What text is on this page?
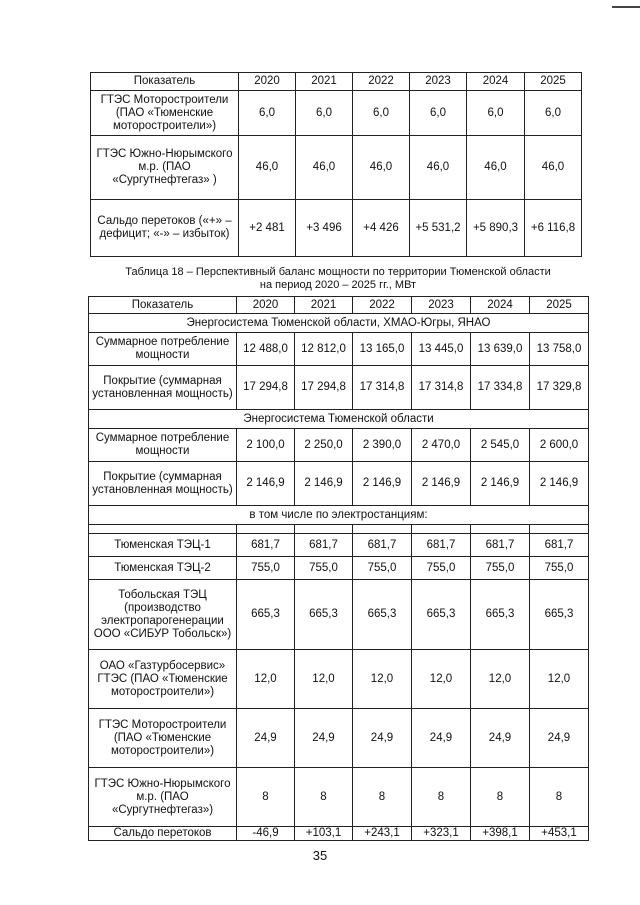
Показатель	2020	2021	2022	2023	2024	2025
ГТЭС Моторостроители (ПАО «Тюменские моторостроители»)	6,0	6,0	6,0	6,0	6,0	6,0
ГТЭС Южно-Нюрымского м.р. (ПАО «Сургутнефтегаз» )	46,0	46,0	46,0	46,0	46,0	46,0
Сальдо перетоков («+» – дефицит; «-» – избыток)	+2 481	+3 496	+4 426	+5 531,2	+5 890,3	+6 116,8
Таблица 18 – Перспективный баланс мощности по территории Тюменской области на период 2020 – 2025 гг., МВт
Показатель	2020	2021	2022	2023	2024	2025
Энергосистема Тюменской области, ХМАО-Югры, ЯНАО						
Суммарное потребление мощности	12 488,0	12 812,0	13 165,0	13 445,0	13 639,0	13 758,0
Покрытие (суммарная установленная мощность)	17 294,8	17 294,8	17 314,8	17 314,8	17 334,8	17 329,8
Энергосистема Тюменской области						
Суммарное потребление мощности	2 100,0	2 250,0	2 390,0	2 470,0	2 545,0	2 600,0
Покрытие (суммарная установленная мощность)	2 146,9	2 146,9	2 146,9	2 146,9	2 146,9	2 146,9
в том числе по электростанциям:						

Тюменская ТЭЦ-1	681,7	681,7	681,7	681,7	681,7	681,7
Тюменская ТЭЦ-2	755,0	755,0	755,0	755,0	755,0	755,0
Тобольская ТЭЦ (производство электропарогенерации ООО «СИБУР Тобольск»)	665,3	665,3	665,3	665,3	665,3	665,3
ОАО «Газтурбосервис» ГТЭС (ПАО «Тюменские моторостроители»)	12,0	12,0	12,0	12,0	12,0	12,0
ГТЭС Моторостроители (ПАО «Тюменские моторостроители»)	24,9	24,9	24,9	24,9	24,9	24,9
ГТЭС Южно-Нюрымского м.р. (ПАО «Сургутнефтегаз»)	8	8	8	8	8	8
Сальдо перетоков	-46,9	+103,1	+243,1	+323,1	+398,1	+453,1
35
